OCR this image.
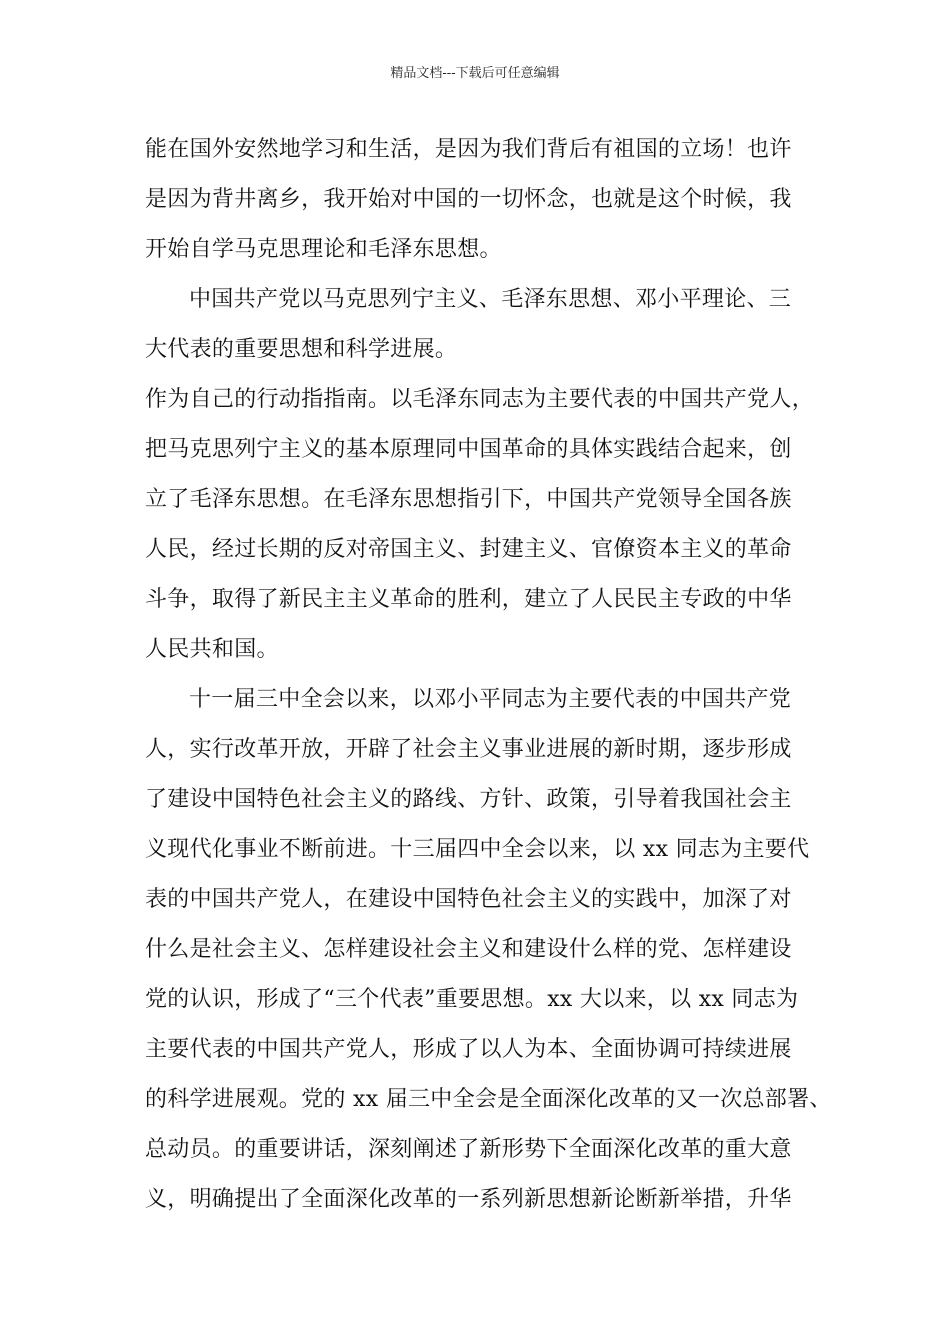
精品文档---下载后可任意编辑
能在国外安然地学习和生活，是因为我们背后有祖国的立场！也许
是因为背井离乡，我开始对中国的一切怀念，也就是这个时候，我
开始自学马克思理论和毛泽东思想。
中国共产党以马克思列宁主义、毛泽东思想、邓小平理论、三
大代表的重要思想和科学进展。
作为自己的行动指指南。以毛泽东同志为主要代表的中国共产党人，
把马克思列宁主义的基本原理同中国革命的具体实践结合起来，创
立了毛泽东思想。在毛泽东思想指引下，中国共产党领导全国各族
人民，经过长期的反对帝国主义、封建主义、官僚资本主义的革命
斗争，取得了新民主主义革命的胜利，建立了人民民主专政的中华
人民共和国。
十一届三中全会以来，以邓小平同志为主要代表的中国共产党
人，实行改革开放，开辟了社会主义事业进展的新时期，逐步形成
了建设中国特色社会主义的路线、方针、政策，引导着我国社会主
义现代化事业不断前进。十三届四中全会以来，以 xx 同志为主要代
表的中国共产党人，在建设中国特色社会主义的实践中，加深了对
什么是社会主义、怎样建设社会主义和建设什么样的党、怎样建设
党的认识，形成了“三个代表”重要思想。xx 大以来，以 xx 同志为
主要代表的中国共产党人，形成了以人为本、全面协调可持续进展
的科学进展观。党的 xx 届三中全会是全面深化改革的又一次总部署、
总动员。的重要讲话，深刻阐述了新形势下全面深化改革的重大意
义，明确提出了全面深化改革的一系列新思想新论断新举措，升华
